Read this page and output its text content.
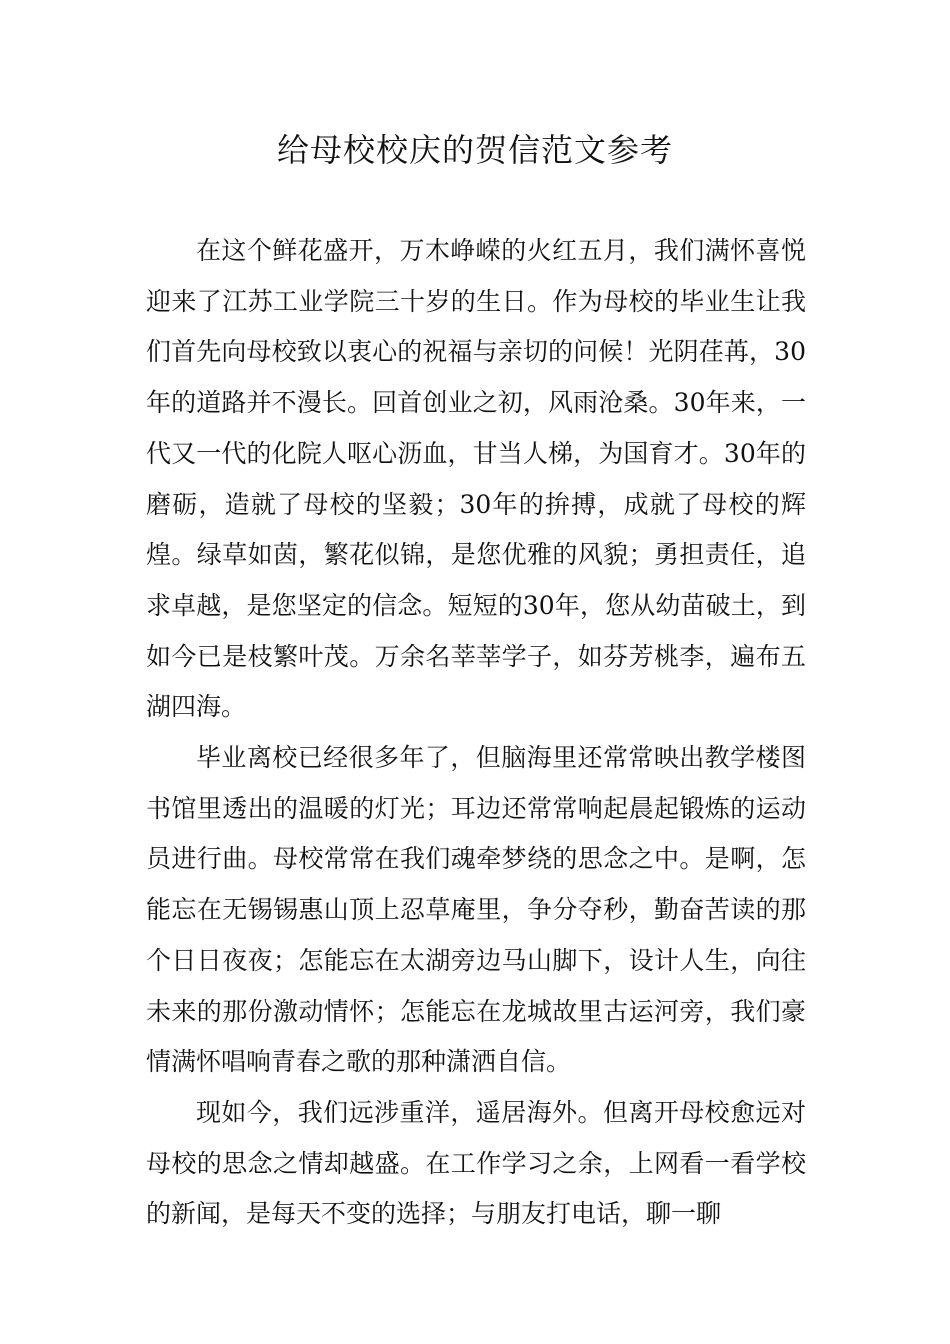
给母校校庆的贺信范文参考

在这个鲜花盛开，万木峥嵘的火红五月，我们满怀喜悦迎来了江苏工业学院三十岁的生日。作为母校的毕业生让我们首先向母校致以衷心的祝福与亲切的问候！光阴荏苒，30年的道路并不漫长。回首创业之初，风雨沧桑。30年来，一代又一代的化院人呕心沥血，甘当人梯，为国育才。30年的磨砺，造就了母校的坚毅；30年的拚搏，成就了母校的辉煌。绿草如茵，繁花似锦，是您优雅的风貌；勇担责任，追求卓越，是您坚定的信念。短短的30年，您从幼苗破土，到如今已是枝繁叶茂。万余名莘莘学子，如芬芳桃李，遍布五湖四海。

毕业离校已经很多年了，但脑海里还常常映出教学楼图书馆里透出的温暖的灯光；耳边还常常响起晨起锻炼的运动员进行曲。母校常常在我们魂牵梦绕的思念之中。是啊，怎能忘在无锡锡惠山顶上忍草庵里，争分夺秒，勤奋苦读的那个日日夜夜；怎能忘在太湖旁边马山脚下，设计人生，向往未来的那份激动情怀；怎能忘在龙城故里古运河旁，我们豪情满怀唱响青春之歌的那种潇洒自信。

现如今，我们远涉重洋，遥居海外。但离开母校愈远对母校的思念之情却越盛。在工作学习之余，上网看一看学校的新闻，是每天不变的选择；与朋友打电话，聊一聊
